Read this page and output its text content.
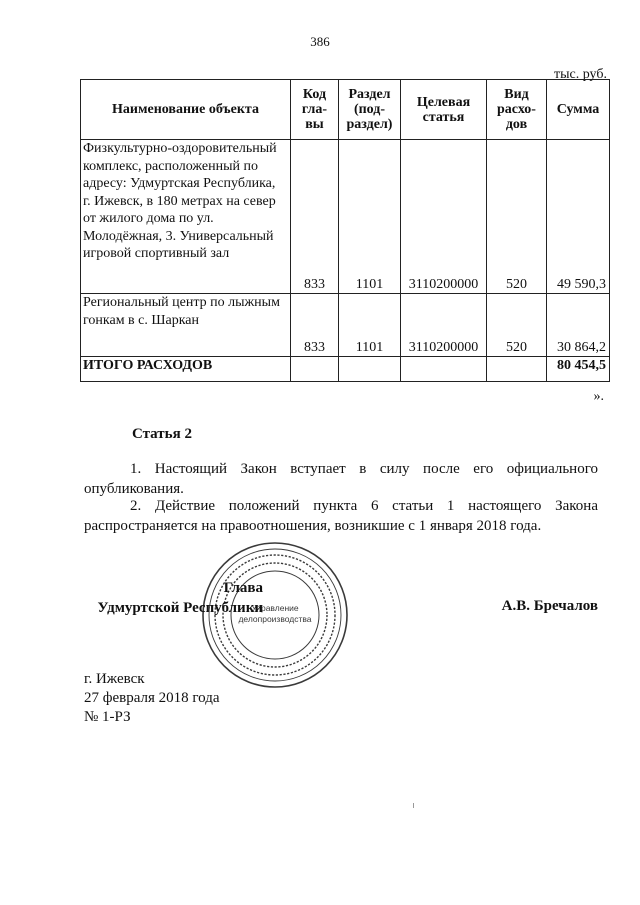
386
тыс. руб.
Наименование объекта	Код гла-вы	Раздел (под-раздел)	Целевая статья	Вид расхо-дов	Сумма
Физкультурно-оздоровительный комплекс, расположенный по адресу: Удмуртская Республика, г. Ижевск, в 180 метрах на север от жилого дома по ул. Молодёжная, 3. Универсальный игровой спортивный зал	833	1101	3110200000	520	49 590,3
Региональный центр по лыжным гонкам в с. Шаркан	833	1101	3110200000	520	30 864,2
ИТОГО РАСХОДОВ					80 454,5
».
Статья 2
1. Настоящий Закон вступает в силу после его официального опубликования.
2. Действие положений пункта 6 статьи 1 настоящего Закона распространяется на правоотношения, возникшие с 1 января 2018 года.
Управление
делопроизводства
Глава
Удмуртской Республики	А.В. Бречалов
г. Ижевск
27 февраля 2018 года
№ 1-РЗ
